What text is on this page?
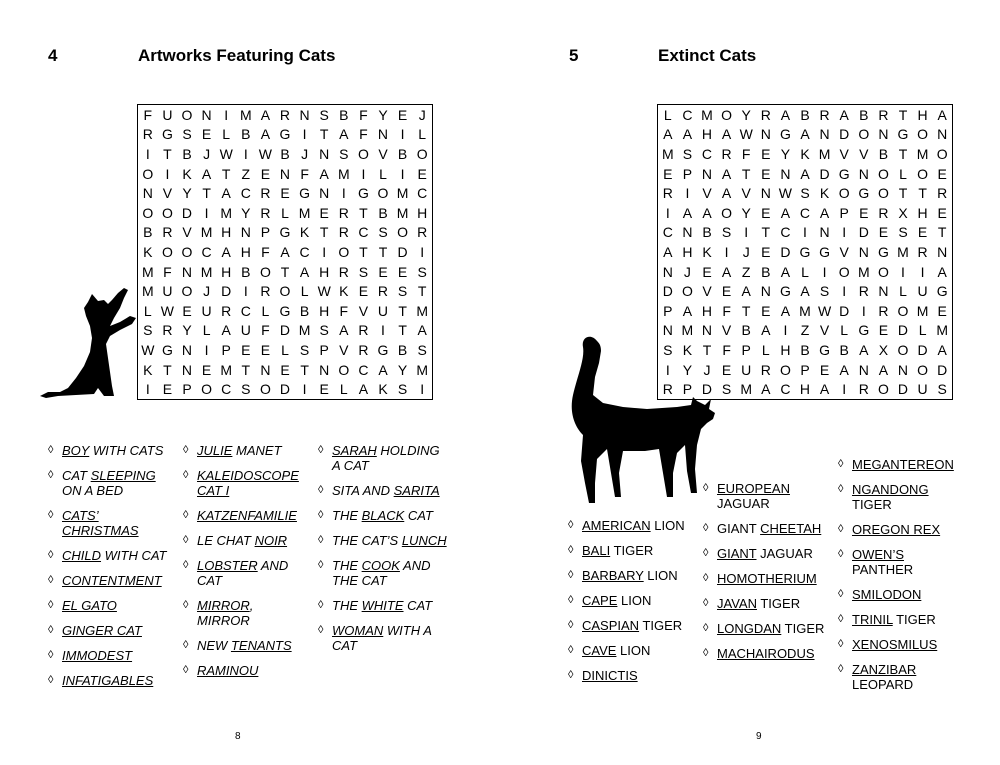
4	Artworks Featuring Cats
F U O N I M A R N S B F Y E J
R G S E L B A G I T A F N I L
I T B J W I W B J N S O V B O
O I K A T Z E N F A M I L I E
N V Y T A C R E G N I G O M C
O O D I M Y R L M E R T B M H
B R V M H N P G K T R C S O R
K O O C A H F A C I O T T D I
M F N M H B O T A H R S E E S
M U O J D I R O L W K E R S T
L W E U R C L G B H F V U T M
S R Y L A U F D M S A R I T A
W G N I P E E L S P V R G B S
K T N E M T N E T N O C A Y M
I E P O C S O D I E L A K S I
◊ BOY WITH CATS
◊ CAT SLEEPING ON A BED
◊ CATS’ CHRISTMAS
◊ CHILD WITH CAT
◊ CONTENTMENT
◊ EL GATO
◊ GINGER CAT
◊ IMMODEST
◊ INFATIGABLES
◊ JULIE MANET
◊ KALEIDOSCOPE CAT I
◊ KATZENFAMILIE
◊ LE CHAT NOIR
◊ LOBSTER AND CAT
◊ MIRROR, MIRROR
◊ NEW TENANTS
◊ RAMINOU
◊ SARAH HOLDING A CAT
◊ SITA AND SARITA
◊ THE BLACK CAT
◊ THE CAT’S LUNCH
◊ THE COOK AND THE CAT
◊ THE WHITE CAT
◊ WOMAN WITH A CAT
8
5	Extinct Cats
L C M O Y R A B R A B R T H A
A A H A W N G A N D O N G O N
M S C R F E Y K M V V B T M O
E P N A T E N A D G N O L O E
R I V A V N W S K O G O T T R
I A A O Y E A C A P E R X H E
C N B S I T C I N I D E S E T
A H K I	J E D G G V N G M R N
N J E A Z B A L I O M O I	I A
D O V E A N G A S I R N L U G
P A H F T E A M W D I R O M E
N M N V B A I Z V L G E D L M
S K T F P L H B G B A X O D A
I Y J E U R O P E A N A N O D
R P D S M A C H A I R O D U S
◊ AMERICAN LION
◊ BALI TIGER
◊ BARBARY LION
◊ CAPE LION
◊ CASPIAN TIGER
◊ CAVE LION
◊ DINICTIS
◊ EUROPEAN JAGUAR
◊ GIANT CHEETAH
◊ GIANT JAGUAR
◊ HOMOTHERIUM
◊ JAVAN TIGER
◊ LONGDAN TIGER
◊ MACHAIRODUS
◊ MEGANTEREON
◊ NGANDONG TIGER
◊ OREGON REX
◊ OWEN’S PANTHER
◊ SMILODON
◊ TRINIL TIGER
◊ XENOSMILUS
◊ ZANZIBAR LEOPARD
9
